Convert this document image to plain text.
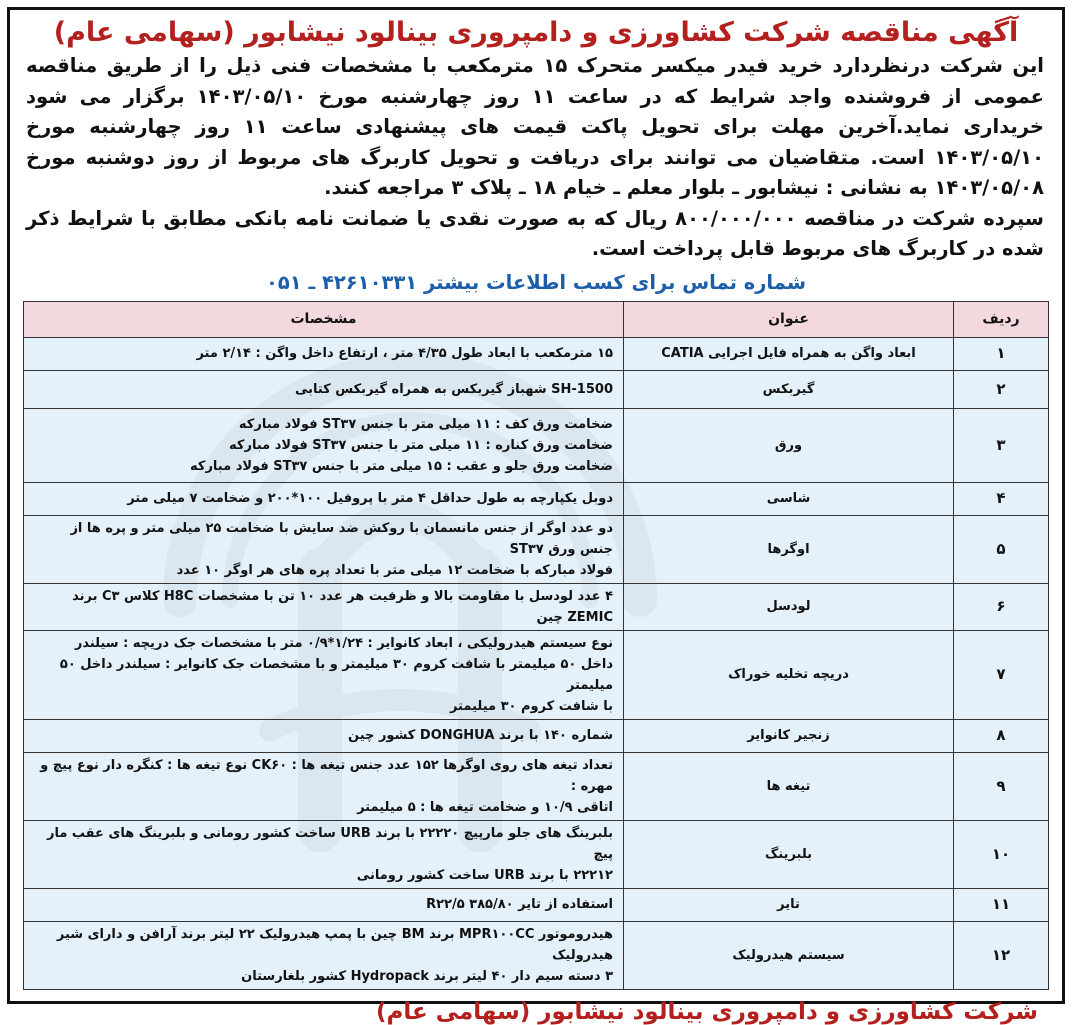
آگهی مناقصه شرکت کشاورزی و دامپروری بینالود نیشابور (سهامی عام)

این شرکت درنظردارد خرید فیدر میکسر متحرک ۱۵ مترمکعب با مشخصات فنی ذیل را از طریق مناقصه عمومی از فروشنده واجد شرایط که در ساعت ۱۱ روز چهارشنبه مورخ ۱۴۰۳/۰۵/۱۰ برگزار می شود خریداری نماید.آخرین مهلت برای تحویل پاکت قیمت های پیشنهادی ساعت ۱۱ روز چهارشنبه مورخ ۱۴۰۳/۰۵/۱۰ است. متقاضیان می توانند برای دریافت و تحویل کاربرگ های مربوط از روز دوشنبه مورخ ۱۴۰۳/۰۵/۰۸ به نشانی : نیشابور ـ بلوار معلم ـ خیام ۱۸ ـ پلاک ۳ مراجعه کنند.

سپرده شرکت در مناقصه ۸۰۰/۰۰۰/۰۰۰ ریال که به صورت نقدی یا ضمانت نامه بانکی مطابق با شرایط ذکر شده در کاربرگ های مربوط قابل پرداخت است.

شماره تماس برای کسب اطلاعات بیشتر ۴۲۶۱۰۳۳۱ ـ ۰۵۱
ردیف	عنوان	مشخصات
۱	ابعاد واگن به همراه فایل اجرایی CATIA	۱۵ مترمکعب با ابعاد طول ۴/۳۵ متر ، ارتفاع داخل واگن : ۲/۱۴ متر
۲	گیربکس	SH-1500 شهباز گیربکس به همراه گیربکس کتابی
۳	ورق	ضخامت ورق کف : ۱۱ میلی متر با جنس ST۳۷ فولاد مبارکه
ضخامت ورق کناره : ۱۱ میلی متر با جنس ST۳۷ فولاد مبارکه
ضخامت ورق جلو و عقب : ۱۵ میلی متر با جنس ST۳۷ فولاد مبارکه
۴	شاسی	دوبل یکپارچه به طول حداقل ۴ متر با پروفیل ۱۰۰*۲۰۰ و ضخامت ۷ میلی متر
۵	اوگرها	دو عدد اوگر از جنس مانسمان با روکش ضد سایش با ضخامت ۲۵ میلی متر و پره ها از جنس ورق ST۳۷
فولاد مبارکه با ضخامت ۱۲ میلی متر با تعداد پره های هر اوگر ۱۰ عدد
۶	لودسل	۴ عدد لودسل با مقاومت بالا و ظرفیت هر عدد ۱۰ تن با مشخصات H8C کلاس C۳ برند ZEMIC چین
۷	دریچه تخلیه خوراک	نوع سیستم هیدرولیکی ، ابعاد کانوایر : ۱/۲۴*۰/۹ متر با مشخصات جک دریچه : سیلندر
داخل ۵۰ میلیمتر با شافت کروم ۳۰ میلیمتر و با مشخصات جک کانوایر : سیلندر داخل ۵۰ میلیمتر
با شافت کروم ۳۰ میلیمتر
۸	زنجیر کانوایر	شماره ۱۴۰ با برند DONGHUA کشور چین
۹	تیغه ها	تعداد تیغه های روی اوگرها ۱۵۲ عدد جنس تیغه ها : CK۶۰ نوع تیغه ها : کنگره دار نوع پیچ و مهره :
اتاقی ۱۰/۹ و ضخامت تیغه ها : ۵ میلیمتر
۱۰	بلبرینگ	بلبرینگ های جلو مارپیچ ۲۲۲۲۰ با برند URB ساخت کشور رومانی و بلبرینگ های عقب مار پیچ
۲۲۲۱۲ با برند URB ساخت کشور رومانی
۱۱	تایر	استفاده از تایر R۲۲/۵ ۳۸۵/۸۰
۱۲	سیستم هیدرولیک	هیدروموتور MPR۱۰۰CC برند BM چین با پمپ هیدرولیک ۲۲ لیتر برند آرافن و دارای شیر هیدرولیک
۳ دسته سیم دار ۴۰ لیتر برند Hydropack کشور بلغارستان
شرکت کشاورزی و دامپروری بینالود نیشابور (سهامی عام)
